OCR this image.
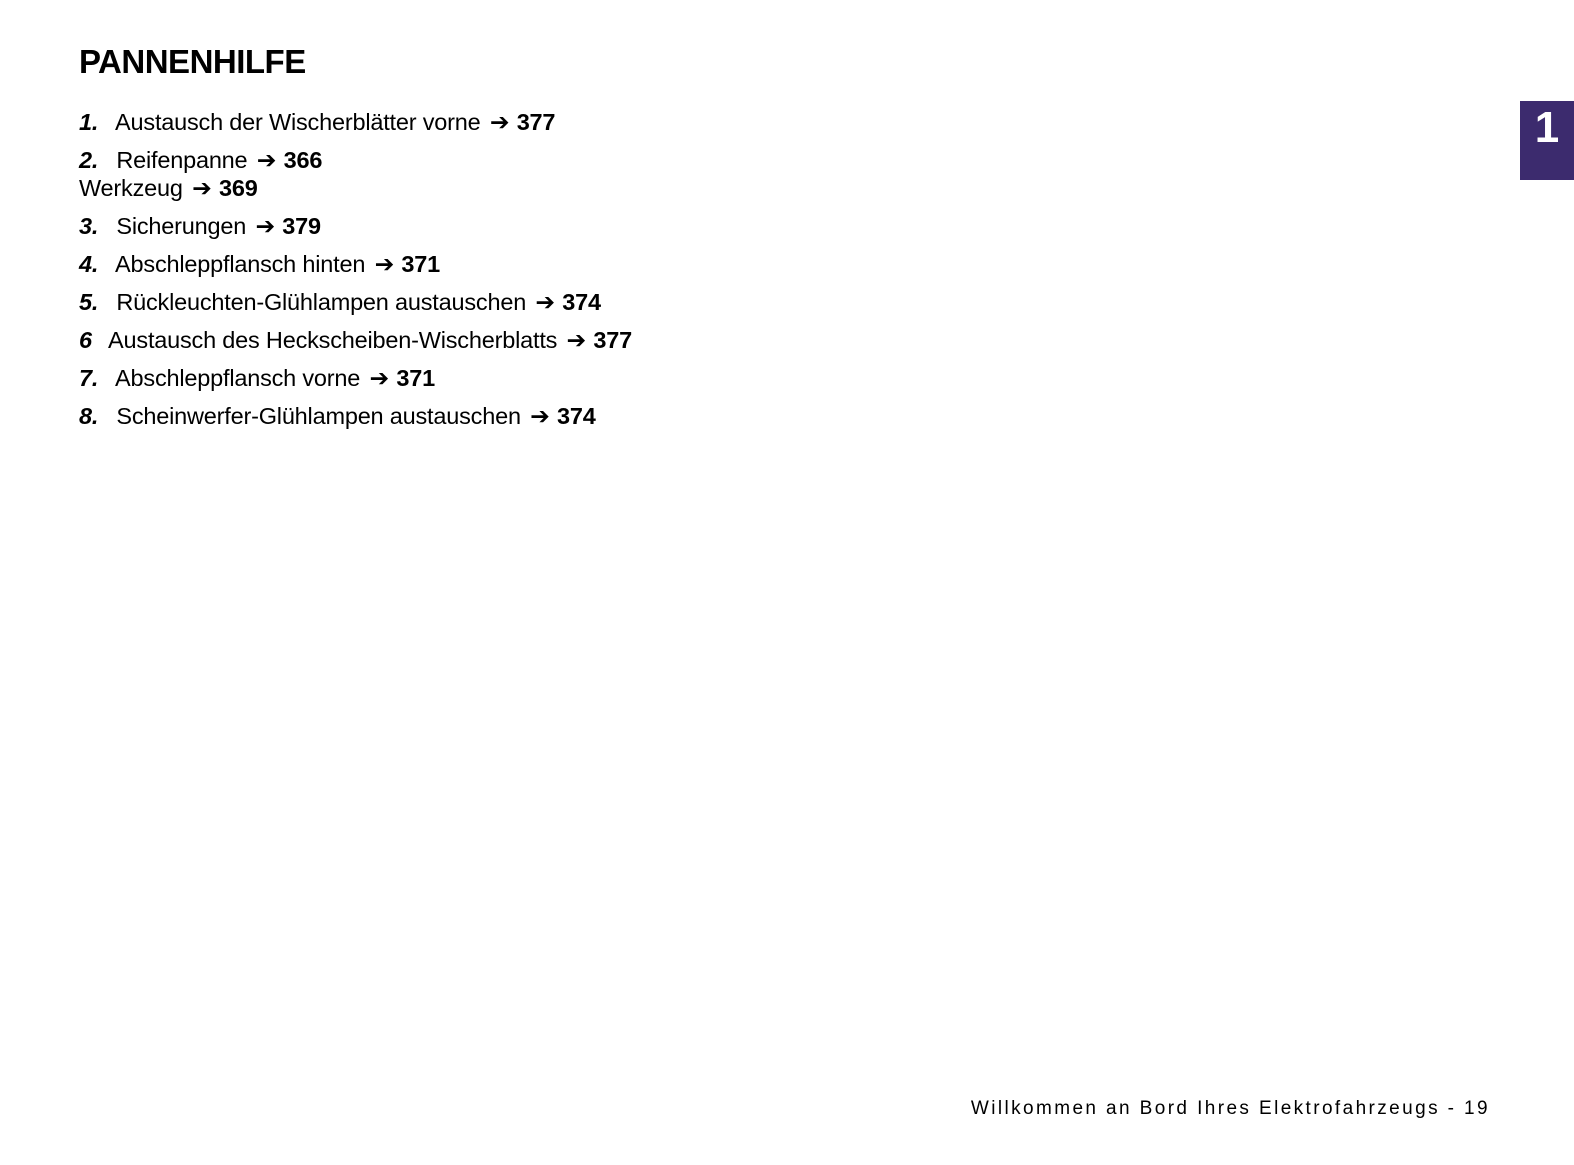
PANNENHILFE
1. Austausch der Wischerblätter vorne ➔ 377
2. Reifenpanne ➔ 366
Werkzeug ➔ 369
3. Sicherungen ➔ 379
4. Abschleppflansch hinten ➔ 371
5. Rückleuchten-Glühlampen austauschen ➔ 374
6 Austausch des Heckscheiben-Wischerblatts ➔ 377
7. Abschleppflansch vorne ➔ 371
8. Scheinwerfer-Glühlampen austauschen ➔ 374
1
Willkommen an Bord Ihres Elektrofahrzeugs - 19
